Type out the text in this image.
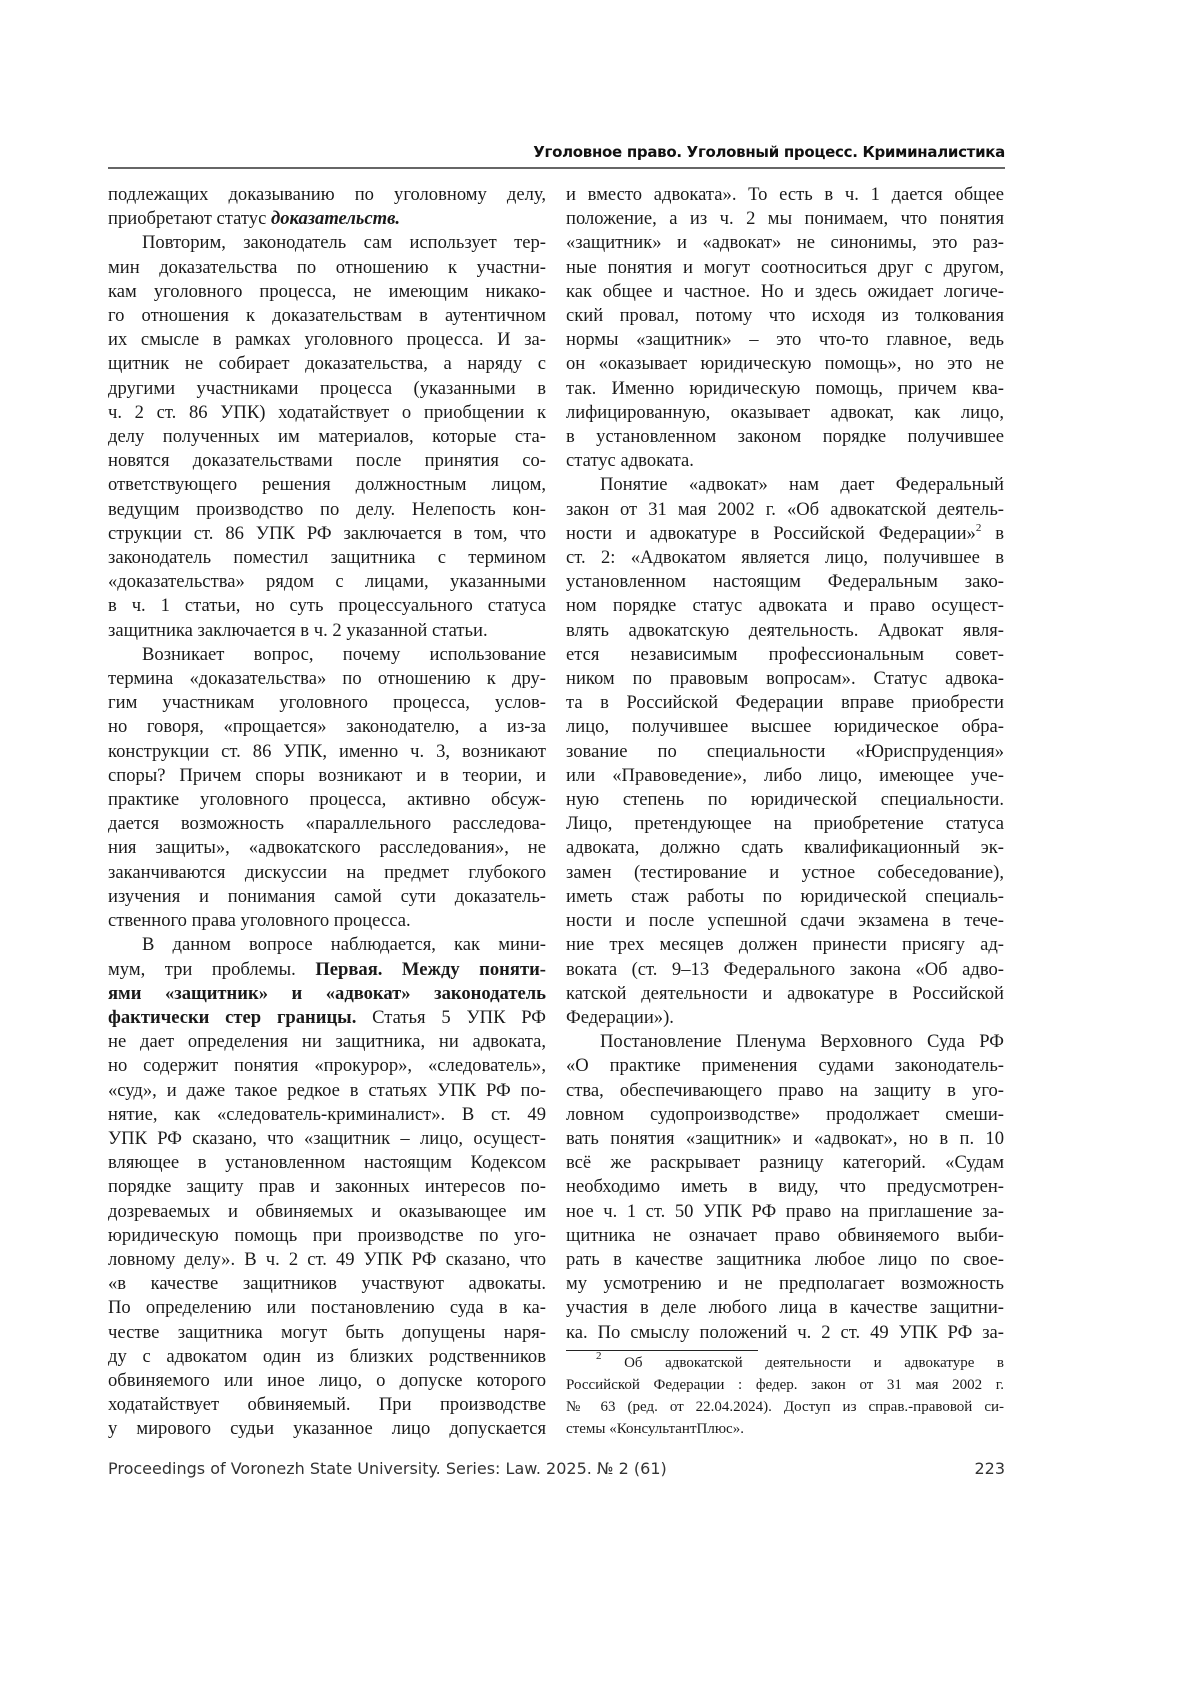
Уголовное право. Уголовный процесс. Криминалистика
подлежащих доказыванию по уголовному делу,
приобретают статус доказательств.
Повторим, законодатель сам использует тер-
мин доказательства по отношению к участни-
кам уголовного процесса, не имеющим никако-
го отношения к доказательствам в аутентичном
их смысле в рамках уголовного процесса. И за-
щитник не собирает доказательства, а наряду с
другими участниками процесса (указанными в
ч. 2 ст. 86 УПК) ходатайствует о приобщении к
делу полученных им материалов, которые ста-
новятся доказательствами после принятия со-
ответствующего решения должностным лицом,
ведущим производство по делу. Нелепость кон-
струкции ст. 86 УПК РФ заключается в том, что
законодатель поместил защитника с термином
«доказательства» рядом с лицами, указанными
в ч. 1 статьи, но суть процессуального статуса
защитника заключается в ч. 2 указанной статьи.
Возникает вопрос, почему использование
термина «доказательства» по отношению к дру-
гим участникам уголовного процесса, услов-
но говоря, «прощается» законодателю, а из-за
конструкции ст. 86 УПК, именно ч. 3, возникают
споры? Причем споры возникают и в теории, и
практике уголовного процесса, активно обсуж-
дается возможность «параллельного расследова-
ния защиты», «адвокатского расследования», не
заканчиваются дискуссии на предмет глубокого
изучения и понимания самой сути доказатель-
ственного права уголовного процесса.
В данном вопросе наблюдается, как мини-
мум, три проблемы. Первая. Между поняти-
ями «защитник» и «адвокат» законодатель
фактически стер границы. Статья 5 УПК РФ
не дает определения ни защитника, ни адвоката,
но содержит понятия «прокурор», «следователь»,
«суд», и даже такое редкое в статьях УПК РФ по-
нятие, как «следователь-криминалист». В ст. 49
УПК РФ сказано, что «защитник – лицо, осущест-
вляющее в установленном настоящим Кодексом
порядке защиту прав и законных интересов по-
дозреваемых и обвиняемых и оказывающее им
юридическую помощь при производстве по уго-
ловному делу». В ч. 2 ст. 49 УПК РФ сказано, что
«в качестве защитников участвуют адвокаты.
По определению или постановлению суда в ка-
честве защитника могут быть допущены наря-
ду с адвокатом один из близких родственников
обвиняемого или иное лицо, о допуске которого
ходатайствует обвиняемый. При производстве
у мирового судьи указанное лицо допускается
и вместо адвоката». То есть в ч. 1 дается общее
положение, а из ч. 2 мы понимаем, что понятия
«защитник» и «адвокат» не синонимы, это раз-
ные понятия и могут соотноситься друг с другом,
как общее и частное. Но и здесь ожидает логиче-
ский провал, потому что исходя из толкования
нормы «защитник» – это что-то главное, ведь
он «оказывает юридическую помощь», но это не
так. Именно юридическую помощь, причем ква-
лифицированную, оказывает адвокат, как лицо,
в установленном законом порядке получившее
статус адвоката.
Понятие «адвокат» нам дает Федеральный
закон от 31 мая 2002 г. «Об адвокатской деятель-
ности и адвокатуре в Российской Федерации»2 в
ст. 2: «Адвокатом является лицо, получившее в
установленном настоящим Федеральным зако-
ном порядке статус адвоката и право осущест-
влять адвокатскую деятельность. Адвокат явля-
ется независимым профессиональным совет-
ником по правовым вопросам». Статус адвока-
та в Российской Федерации вправе приобрести
лицо, получившее высшее юридическое обра-
зование по специальности «Юриспруденция»
или «Правоведение», либо лицо, имеющее уче-
ную степень по юридической специальности.
Лицо, претендующее на приобретение статуса
адвоката, должно сдать квалификационный эк-
замен (тестирование и устное собеседование),
иметь стаж работы по юридической специаль-
ности и после успешной сдачи экзамена в тече-
ние трех месяцев должен принести присягу ад-
воката (ст. 9–13 Федерального закона «Об адво-
катской деятельности и адвокатуре в Российской
Федерации»).
Постановление Пленума Верховного Суда РФ
«О практике применения судами законодатель-
ства, обеспечивающего право на защиту в уго-
ловном судопроизводстве» продолжает смеши-
вать понятия «защитник» и «адвокат», но в п. 10
всё же раскрывает разницу категорий. «Судам
необходимо иметь в виду, что предусмотрен-
ное ч. 1 ст. 50 УПК РФ право на приглашение за-
щитника не означает право обвиняемого выби-
рать в качестве защитника любое лицо по свое-
му усмотрению и не предполагает возможность
участия в деле любого лица в качестве защитни-
ка. По смыслу положений ч. 2 ст. 49 УПК РФ за-
2 Об адвокатской деятельности и адвокатуре в
Российской Федерации : федер. закон от 31 мая 2002 г.
№ 63 (ред. от 22.04.2024). Доступ из справ.-правовой си-
стемы «КонсультантПлюс».
Proceedings of Voronezh State University. Series: Law. 2025. № 2 (61)	223
